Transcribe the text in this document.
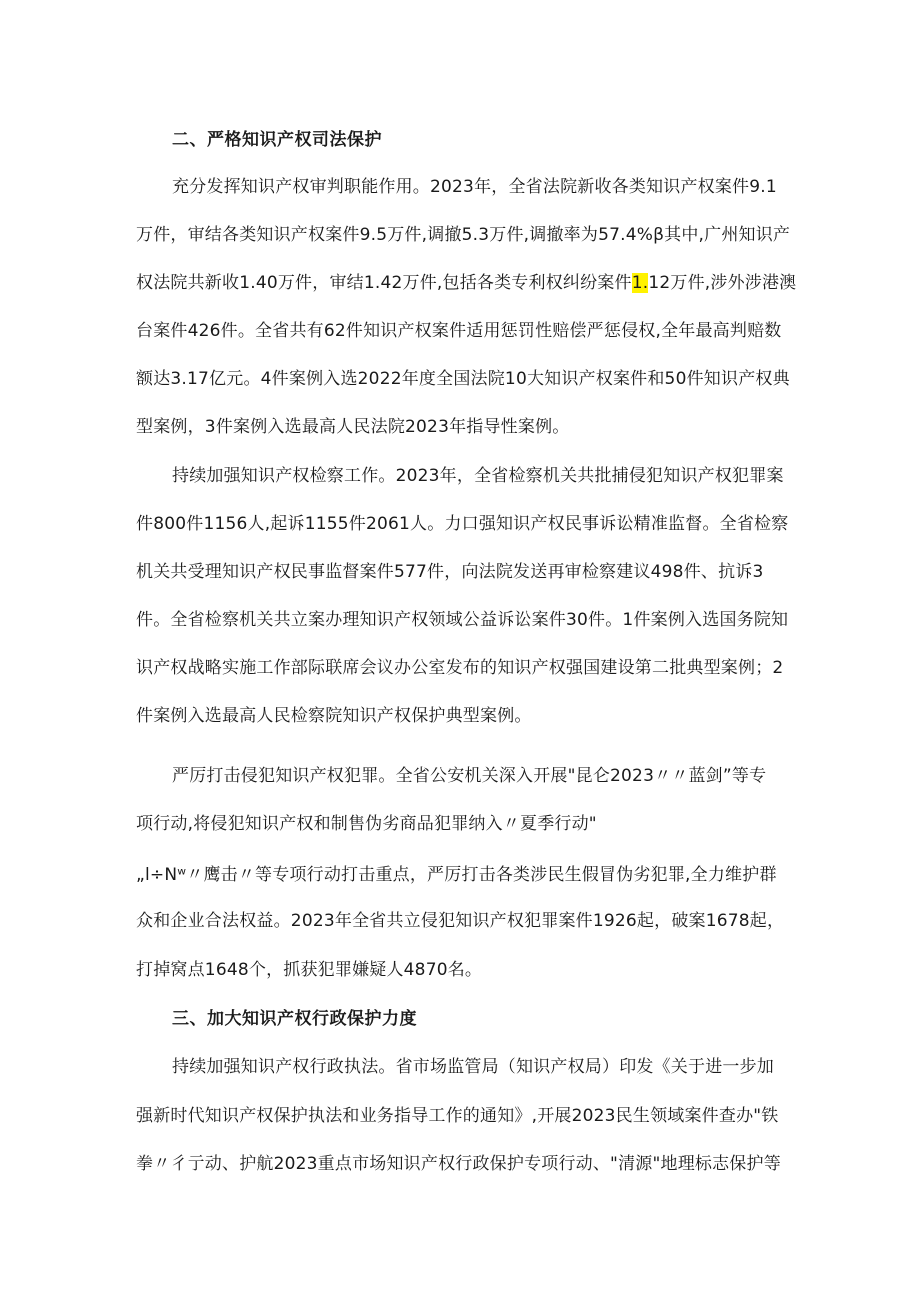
二、严格知识产权司法保护
充分发挥知识产权审判职能作用。2023年，全省法院新收各类知识产权案件9.1
万件，审结各类知识产权案件9.5万件,调撤5.3万件,调撤率为57.4%β其中,广州知识产
权法院共新收1.40万件，审结1.42万件,包括各类专利权纠纷案件1.12万件,涉外涉港澳
台案件426件。全省共有62件知识产权案件适用惩罚性赔偿严惩侵权,全年最高判赔数
额达3.17亿元。4件案例入选2022年度全国法院10大知识产权案件和50件知识产权典
型案例，3件案例入选最高人民法院2023年指导性案例。
持续加强知识产权检察工作。2023年，全省检察机关共批捕侵犯知识产权犯罪案
件800件1156人,起诉1155件2061人。力口强知识产权民事诉讼精准监督。全省检察
机关共受理知识产权民事监督案件577件，向法院发送再审检察建议498件、抗诉3
件。全省检察机关共立案办理知识产权领域公益诉讼案件30件。1件案例入选国务院知
识产权战略实施工作部际联席会议办公室发布的知识产权强国建设第二批典型案例；2
件案例入选最高人民检察院知识产权保护典型案例。
严厉打击侵犯知识产权犯罪。全省公安机关深入开展"昆仑2023〃〃蓝剑”等专
项行动,将侵犯知识产权和制售伪劣商品犯罪纳入〃夏季行动"
„l÷Nʷ〃鹰击〃等专项行动打击重点，严厉打击各类涉民生假冒伪劣犯罪,全力维护群
众和企业合法权益。2023年全省共立侵犯知识产权犯罪案件1926起，破案1678起，
打掉窝点1648个，抓获犯罪嫌疑人4870名。
三、加大知识产权行政保护力度
持续加强知识产权行政执法。省市场监管局（知识产权局）印发《关于进一步加
强新时代知识产权保护执法和业务指导工作的通知》,开展2023民生领域案件查办"铁
拳〃彳亍动、护航2023重点市场知识产权行政保护专项行动、"清源"地理标志保护等
